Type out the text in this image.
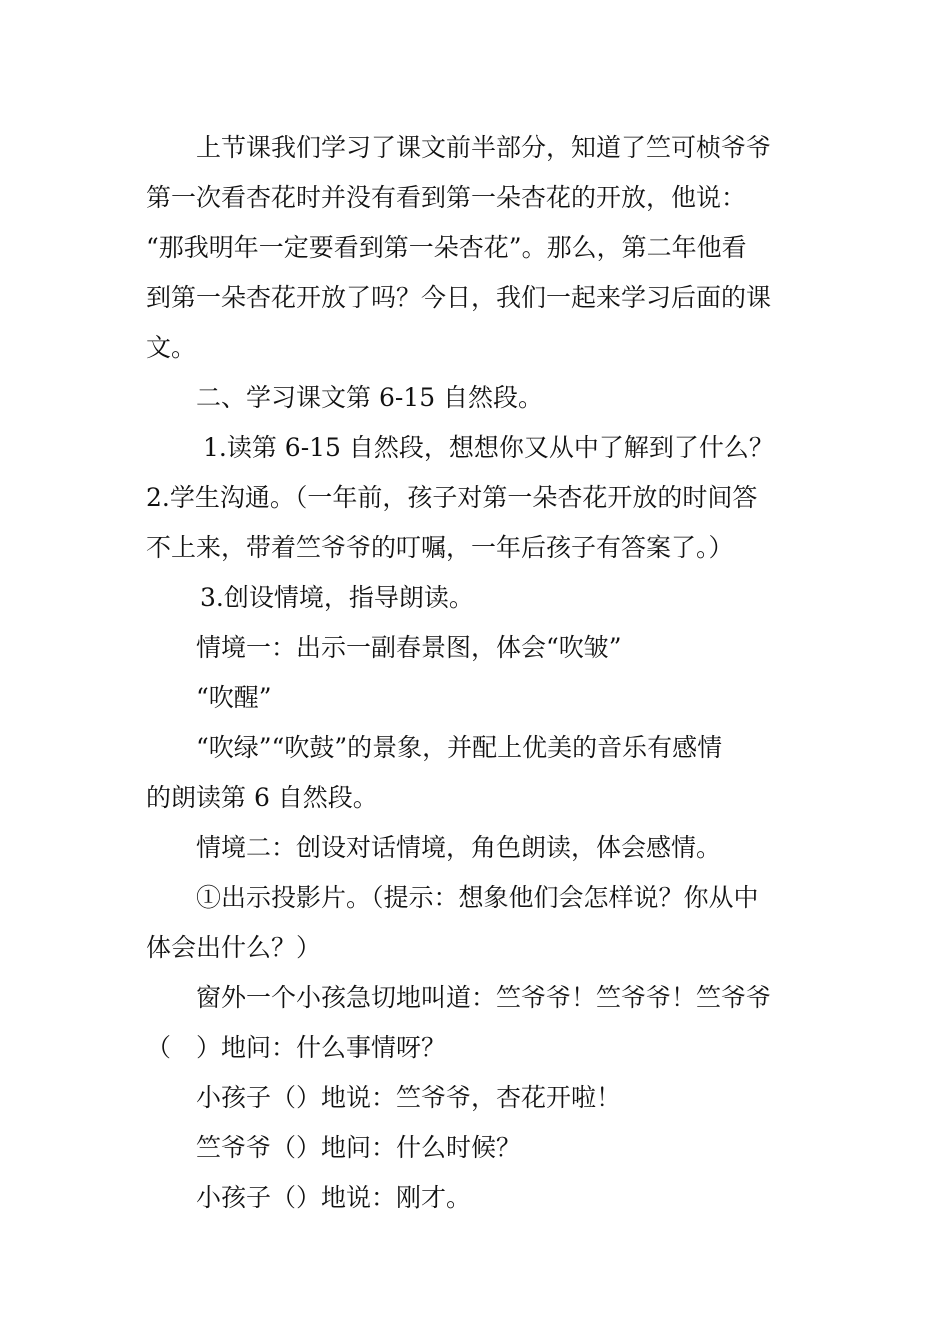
上节课我们学习了课文前半部分，知道了竺可桢爷爷
第一次看杏花时并没有看到第一朵杏花的开放，他说：
“那我明年一定要看到第一朵杏花”。那么，第二年他看
到第一朵杏花开放了吗？今日，我们一起来学习后面的课
文。
二、学习课文第 6-15 自然段。
1.读第 6-15 自然段，想想你又从中了解到了什么？
2.学生沟通。（一年前，孩子对第一朵杏花开放的时间答
不上来，带着竺爷爷的叮嘱，一年后孩子有答案了。）
3.创设情境，指导朗读。
情境一：出示一副春景图，体会“吹皱”
“吹醒”
“吹绿”“吹鼓”的景象，并配上优美的音乐有感情
的朗读第 6 自然段。
情境二：创设对话情境，角色朗读，体会感情。
①出示投影片。（提示：想象他们会怎样说？你从中
体会出什么？）
窗外一个小孩急切地叫道：竺爷爷！竺爷爷！竺爷爷
（　）地问：什么事情呀？
小孩子（）地说：竺爷爷，杏花开啦！
竺爷爷（）地问：什么时候？
小孩子（）地说：刚才。
